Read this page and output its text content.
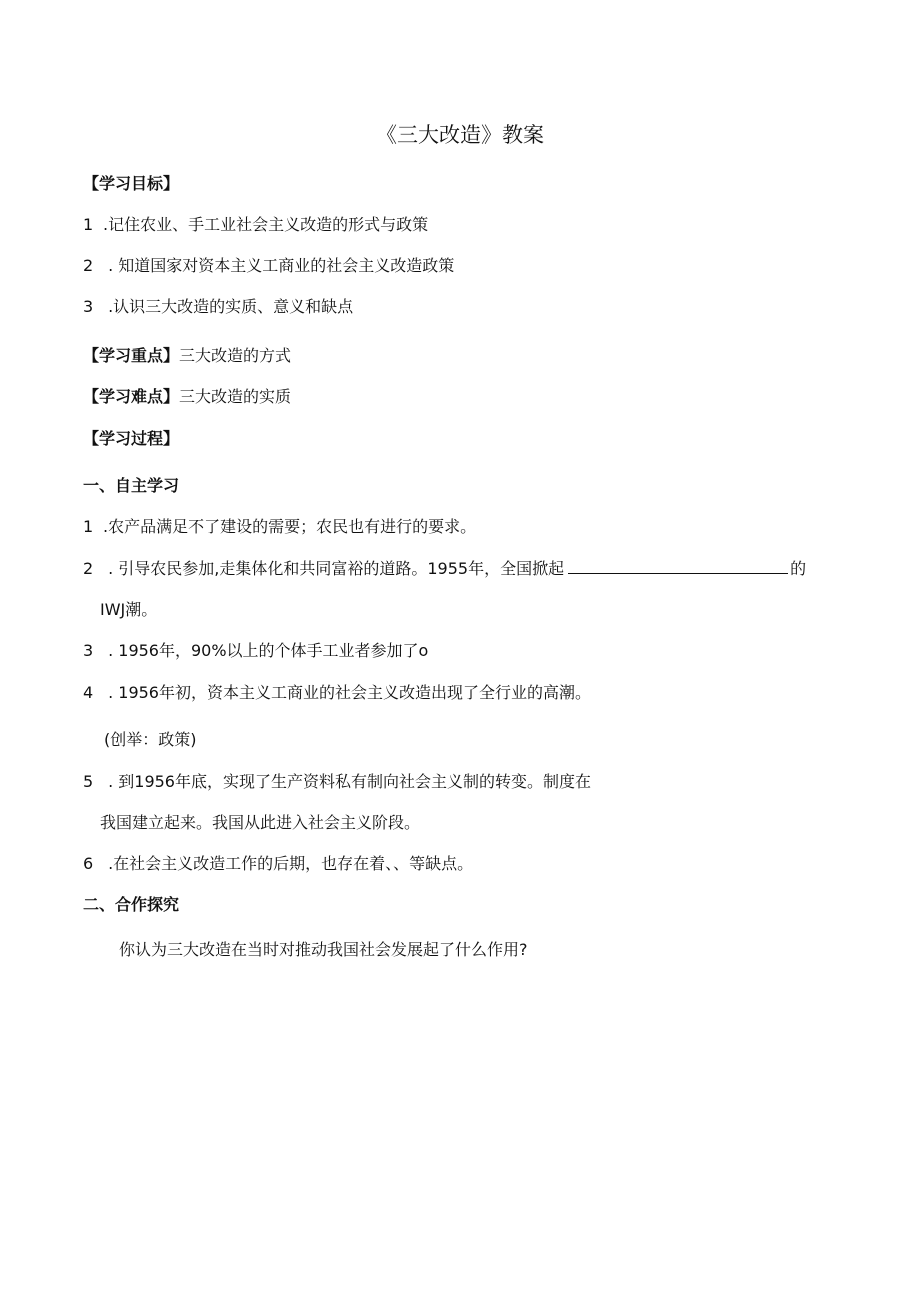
《三大改造》教案
【学习目标】
1 .记住农业、手工业社会主义改造的形式与政策
2 . 知道国家对资本主义工商业的社会主义改造政策
3 .认识三大改造的实质、意义和缺点
【学习重点】三大改造的方式
【学习难点】三大改造的实质
【学习过程】
一、自主学习
1 .农产品满足不了建设的需要；农民也有进行的要求。
2 . 引导农民参加,走集体化和共同富裕的道路。1955年，全国掀起	的
IWJ潮。
3 . 1956年，90%以上的个体手工业者参加了o
4 . 1956年初，资本主义工商业的社会主义改造出现了全行业的高潮。
(创举：政策)
5 . 到1956年底，实现了生产资料私有制向社会主义制的转变。制度在
我国建立起来。我国从此进入社会主义阶段。
6 .在社会主义改造工作的后期，也存在着、、等缺点。
二、合作探究
你认为三大改造在当时对推动我国社会发展起了什么作用?
